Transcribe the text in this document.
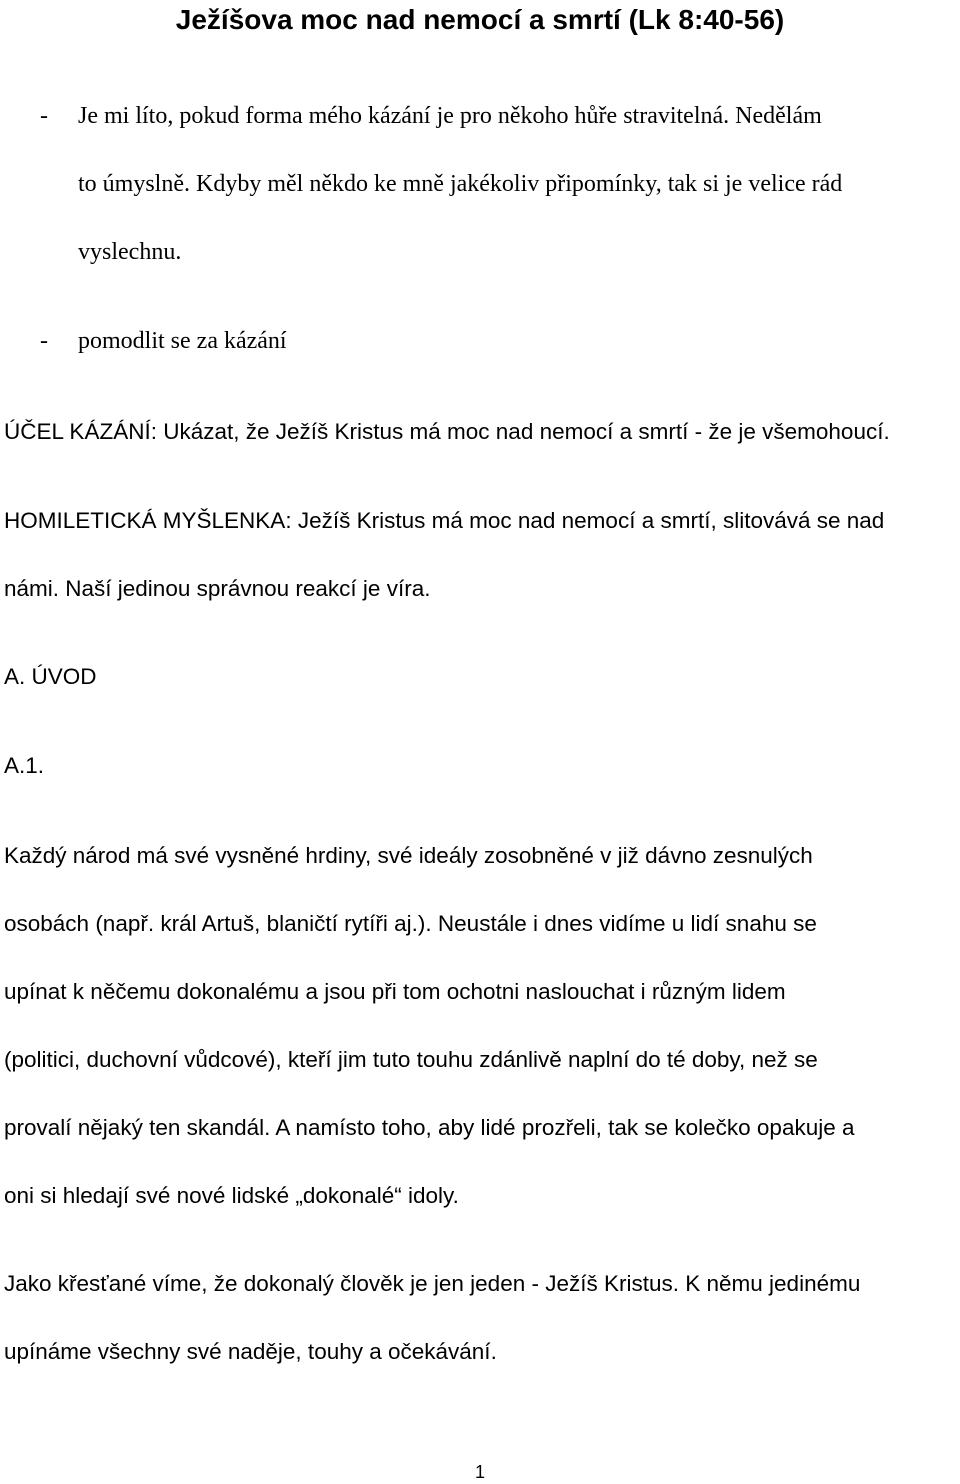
Ježíšova moc nad nemocí a smrtí (Lk 8:40-56)
- Je mi líto, pokud forma mého kázání je pro někoho hůře stravitelná. Nedělám
to úmyslně. Kdyby měl někdo ke mně jakékoliv připomínky, tak si je velice rád
vyslechnu.
- pomodlit se za kázání
ÚČEL KÁZÁNÍ: Ukázat, že Ježíš Kristus má moc nad nemocí a smrtí - že je všemohoucí.
HOMILETICKÁ MYŠLENKA: Ježíš Kristus má moc nad nemocí a smrtí, slitovává se nad
námi. Naší jedinou správnou reakcí je víra.
A. ÚVOD
A.1.
Každý národ má své vysněné hrdiny, své ideály zosobněné v již dávno zesnulých
osobách (např. král Artuš, blaničtí rytíři aj.). Neustále i dnes vidíme u lidí snahu se
upínat k něčemu dokonalému a jsou při tom ochotni naslouchat i různým lidem
(politici, duchovní vůdcové), kteří jim tuto touhu zdánlivě naplní do té doby, než se
provalí nějaký ten skandál. A namísto toho, aby lidé prozřeli, tak se kolečko opakuje a
oni si hledají své nové lidské „dokonalé“ idoly.
Jako křesťané víme, že dokonalý člověk je jen jeden - Ježíš Kristus. K němu jedinému
upínáme všechny své naděje, touhy a očekávání.
1
